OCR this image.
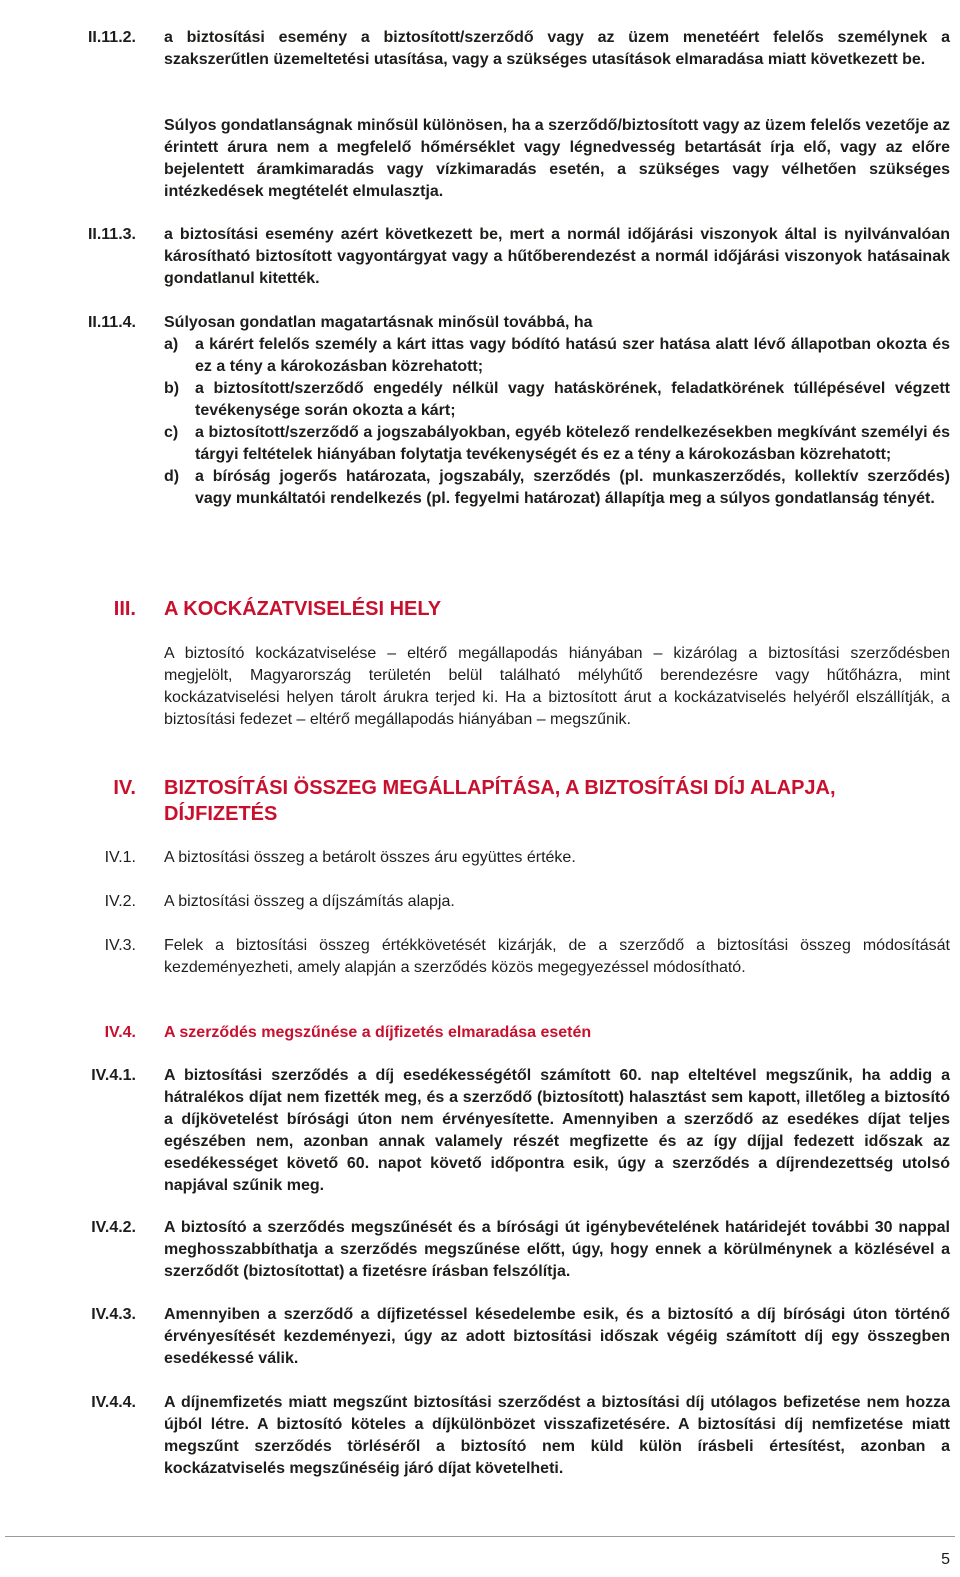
II.11.2. a biztosítási esemény a biztosított/szerződő vagy az üzem menetéért felelős személynek a szakszerűtlen üzemeltetési utasítása, vagy a szükséges utasítások elmaradása miatt következett be.
Súlyos gondatlanságnak minősül különösen, ha a szerződő/biztosított vagy az üzem felelős vezetője az érintett árura nem a megfelelő hőmérséklet vagy légnedvesség betartását írja elő, vagy az előre bejelentett áramkimaradás vagy vízkimaradás esetén, a szükséges vagy vélhetően szükséges intézkedések megtételét elmulasztja.
II.11.3. a biztosítási esemény azért következett be, mert a normál időjárási viszonyok által is nyilvánvalóan károsítható biztosított vagyontárgyat vagy a hűtőberendezést a normál időjárási viszonyok hatásainak gondatlanul kitették.
II.11.4. Súlyosan gondatlan magatartásnak minősül továbbá, ha
a) a kárért felelős személy a kárt ittas vagy bódító hatású szer hatása alatt lévő állapotban okozta és ez a tény a károkozásban közrehatott;
b) a biztosított/szerződő engedély nélkül vagy hatáskörének, feladatkörének túllépésével végzett tevékenysége során okozta a kárt;
c) a biztosított/szerződő a jogszabályokban, egyéb kötelező rendelkezésekben megkívánt személyi és tárgyi feltételek hiányában folytatja tevékenységét és ez a tény a károkozásban közrehatott;
d) a bíróság jogerős határozata, jogszabály, szerződés (pl. munkaszerződés, kollektív szerződés) vagy munkáltatói rendelkezés (pl. fegyelmi határozat) állapítja meg a súlyos gondatlanság tényét.
III. A KOCKÁZATVISELÉSI HELY
A biztosító kockázatviselése – eltérő megállapodás hiányában – kizárólag a biztosítási szerződésben megjelölt, Magyarország területén belül található mélyhűtő berendezésre vagy hűtőházra, mint kockázatviselési helyen tárolt árukra terjed ki. Ha a biztosított árut a kockázatviselés helyéről elszállítják, a biztosítási fedezet – eltérő megállapodás hiányában – megszűnik.
IV. BIZTOSÍTÁSI ÖSSZEG MEGÁLLAPÍTÁSA, A BIZTOSÍTÁSI DÍJ ALAPJA, DÍJFIZETÉS
IV.1. A biztosítási összeg a betárolt összes áru együttes értéke.
IV.2. A biztosítási összeg a díjszámítás alapja.
IV.3. Felek a biztosítási összeg értékkövetését kizárják, de a szerződő a biztosítási összeg módosítását kezdeményezheti, amely alapján a szerződés közös megegyezéssel módosítható.
IV.4. A szerződés megszűnése a díjfizetés elmaradása esetén
IV.4.1. A biztosítási szerződés a díj esedékességétől számított 60. nap elteltével megszűnik, ha addig a hátralékos díjat nem fizették meg, és a szerződő (biztosított) halasztást sem kapott, illetőleg a biztosító a díjkövetelést bírósági úton nem érvényesítette. Amennyiben a szerződő az esedékes díjat teljes egészében nem, azonban annak valamely részét megfizette és az így díjjal fedezett időszak az esedékességet követő 60. napot követő időpontra esik, úgy a szerződés a díjrendezettség utolsó napjával szűnik meg.
IV.4.2. A biztosító a szerződés megszűnését és a bírósági út igénybevételének határidejét további 30 nappal meghosszabbíthatja a szerződés megszűnése előtt, úgy, hogy ennek a körülménynek a közlésével a szerződőt (biztosítottat) a fizetésre írásban felszólítja.
IV.4.3. Amennyiben a szerződő a díjfizetéssel késedelembe esik, és a biztosító a díj bírósági úton történő érvényesítését kezdeményezi, úgy az adott biztosítási időszak végéig számított díj egy összegben esedékessé válik.
IV.4.4. A díjnemfizetés miatt megszűnt biztosítási szerződést a biztosítási díj utólagos befizetése nem hozza újból létre. A biztosító köteles a díjkülönbözet visszafizetésére. A biztosítási díj nemfizetése miatt megszűnt szerződés törléséről a biztosító nem küld külön írásbeli értesítést, azonban a kockázatviselés megszűnéséig járó díjat követelheti.
5
